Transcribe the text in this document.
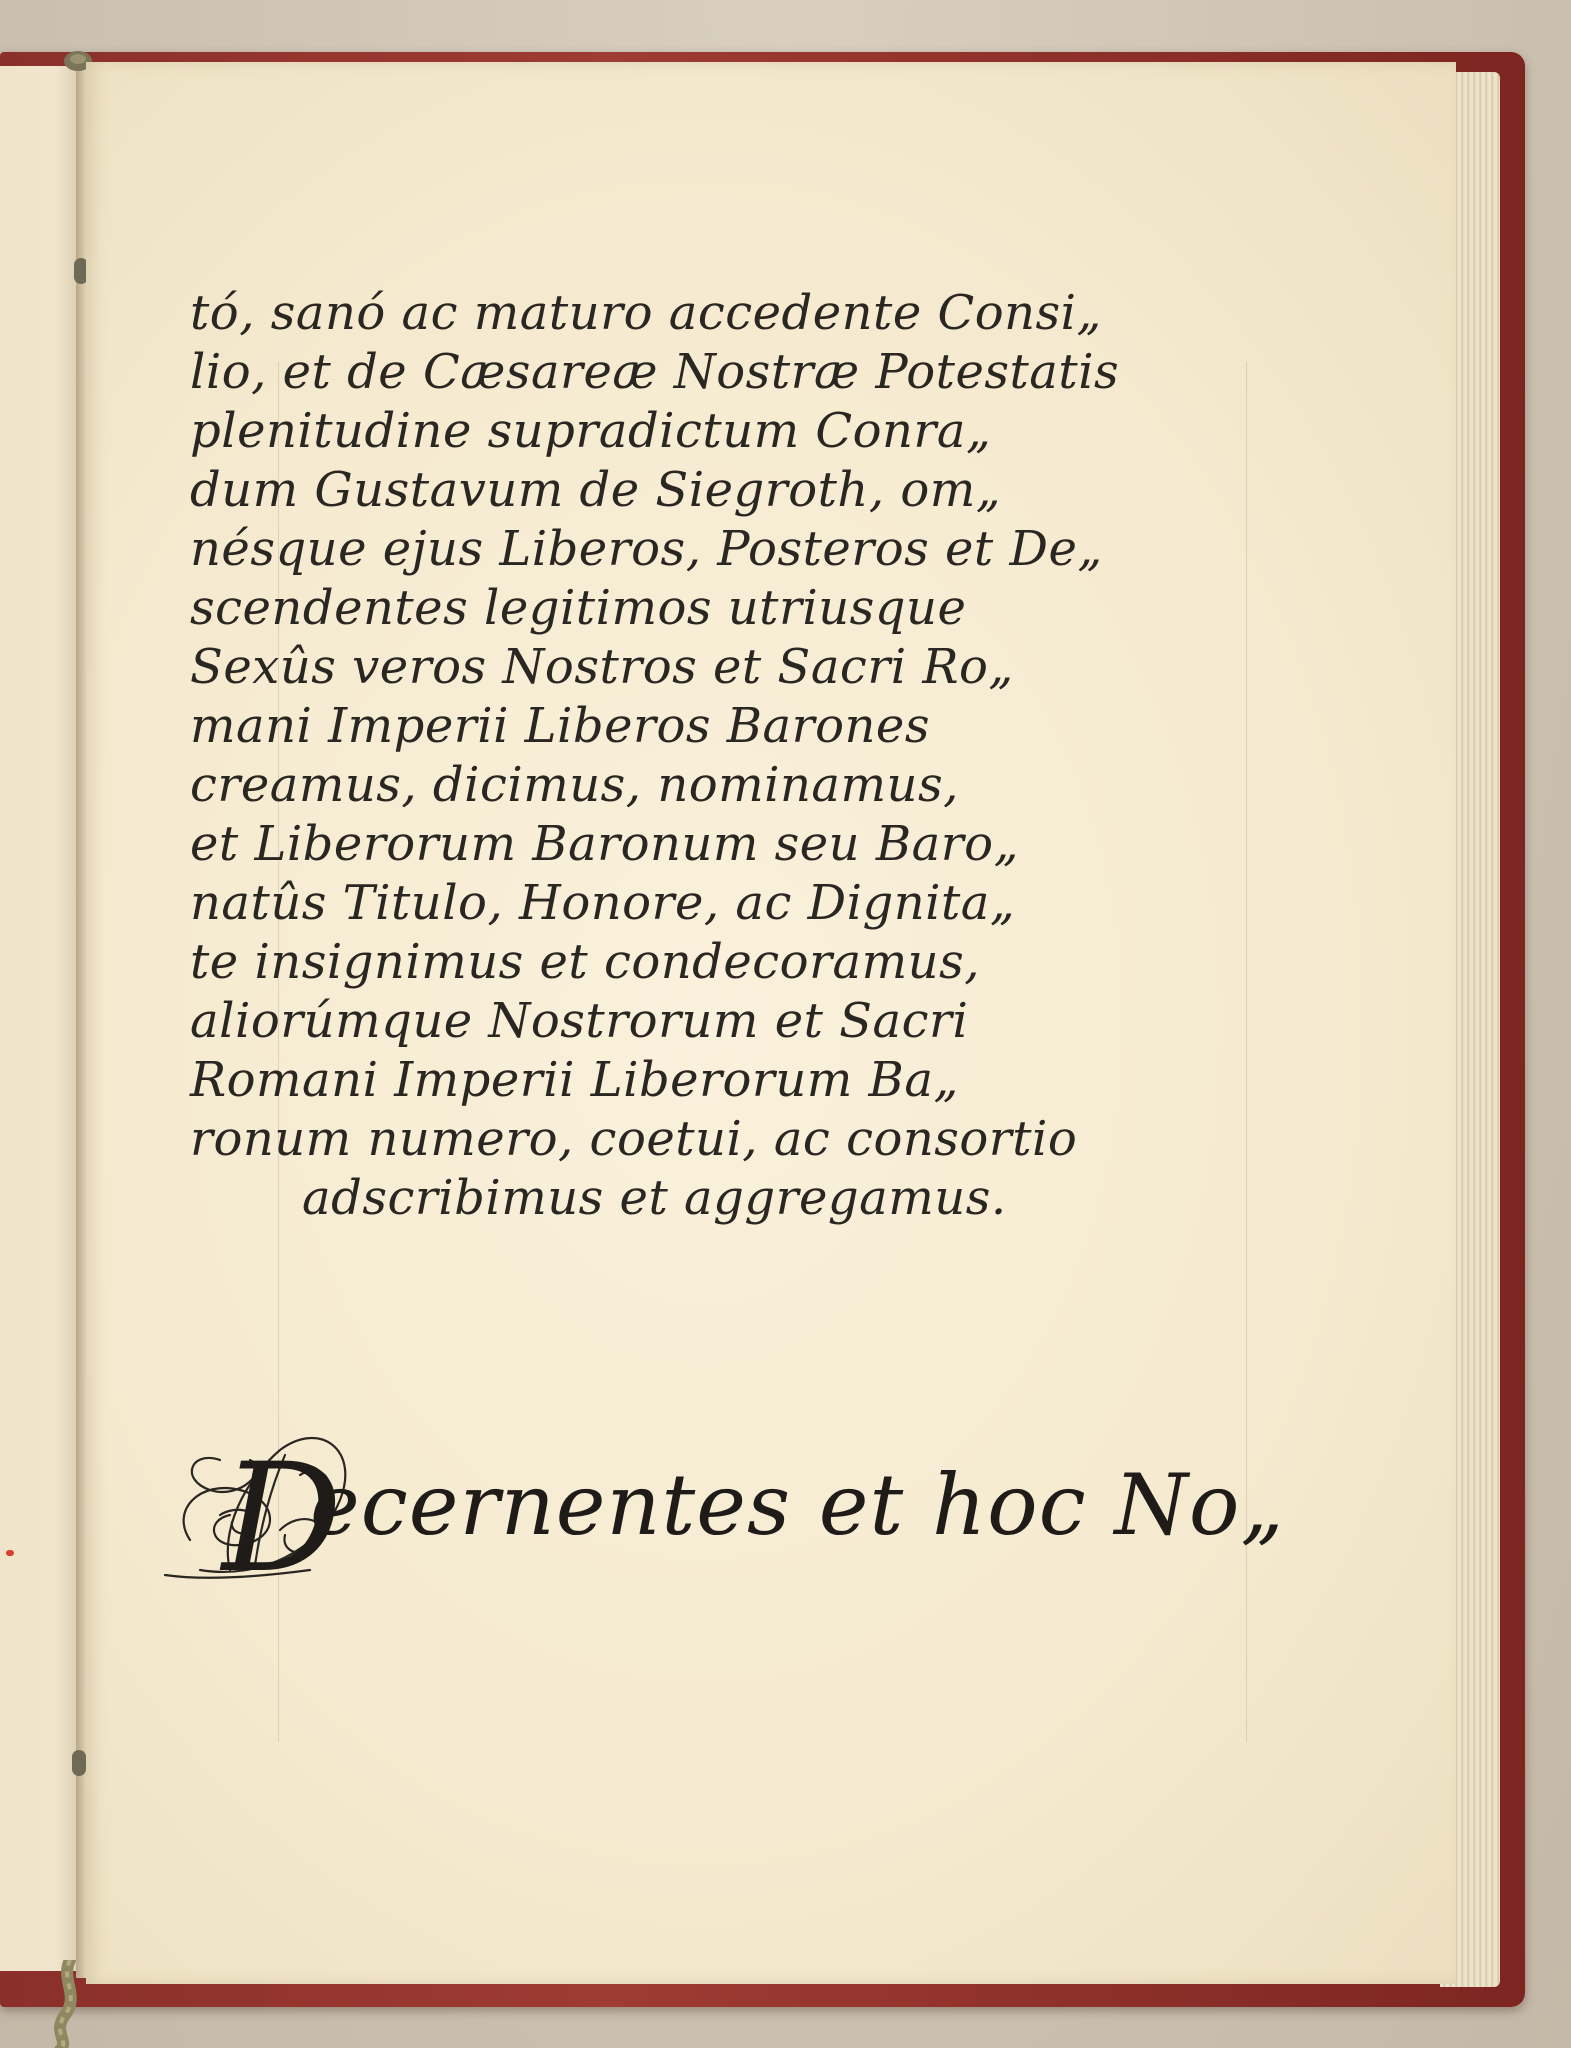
tó, sanó ac maturo accedente Consi„
lio, et de Cæsareæ Nostræ Potestatis
plenitudine supradictum Conra„
dum Gustavum de Siegroth, om„
nésque ejus Liberos, Posteros et De„
scendentes legitimos utriusque
Sexûs veros Nostros et Sacri Ro„
mani Imperii Liberos Barones
creamus, dicimus, nominamus,
et Liberorum Baronum seu Baro„
natûs Titulo, Honore, ac Dignita„
te insignimus et condecoramus,
aliorúmque Nostrorum et Sacri
Romani Imperii Liberorum Ba„
ronum numero, coetui, ac consortio
adscribimus et aggregamus.
D
ecernentes et hoc No„
